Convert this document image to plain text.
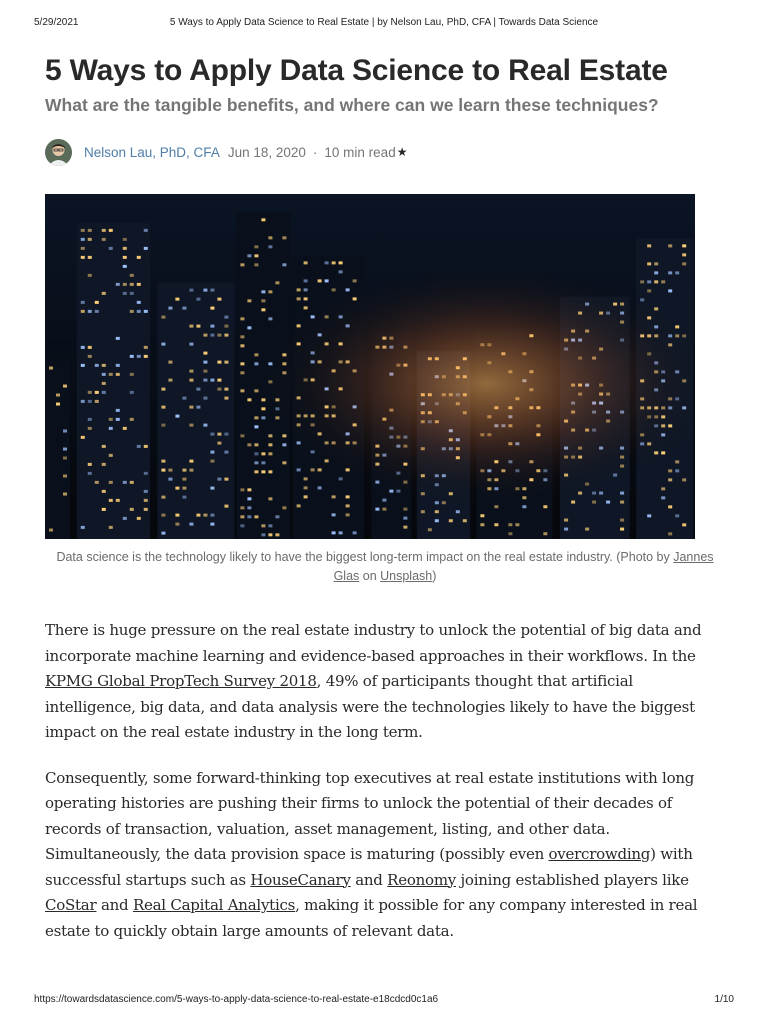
5/29/2021	5 Ways to Apply Data Science to Real Estate | by Nelson Lau, PhD, CFA | Towards Data Science
5 Ways to Apply Data Science to Real Estate
What are the tangible benefits, and where can we learn these techniques?
Nelson Lau, PhD, CFA Jun 18, 2020 · 10 min read ★
Data science is the technology likely to have the biggest long-term impact on the real estate industry. (Photo by Jannes Glas on Unsplash)

There is huge pressure on the real estate industry to unlock the potential of big data and incorporate machine learning and evidence-based approaches in their workflows. In the KPMG Global PropTech Survey 2018, 49% of participants thought that artificial intelligence, big data, and data analysis were the technologies likely to have the biggest impact on the real estate industry in the long term.

Consequently, some forward-thinking top executives at real estate institutions with long operating histories are pushing their firms to unlock the potential of their decades of records of transaction, valuation, asset management, listing, and other data. Simultaneously, the data provision space is maturing (possibly even overcrowding) with successful startups such as HouseCanary and Reonomy joining established players like CoStar and Real Capital Analytics, making it possible for any company interested in real estate to quickly obtain large amounts of relevant data.

https://towardsdatascience.com/5-ways-to-apply-data-science-to-real-estate-e18cdcd0c1a6	1/10
